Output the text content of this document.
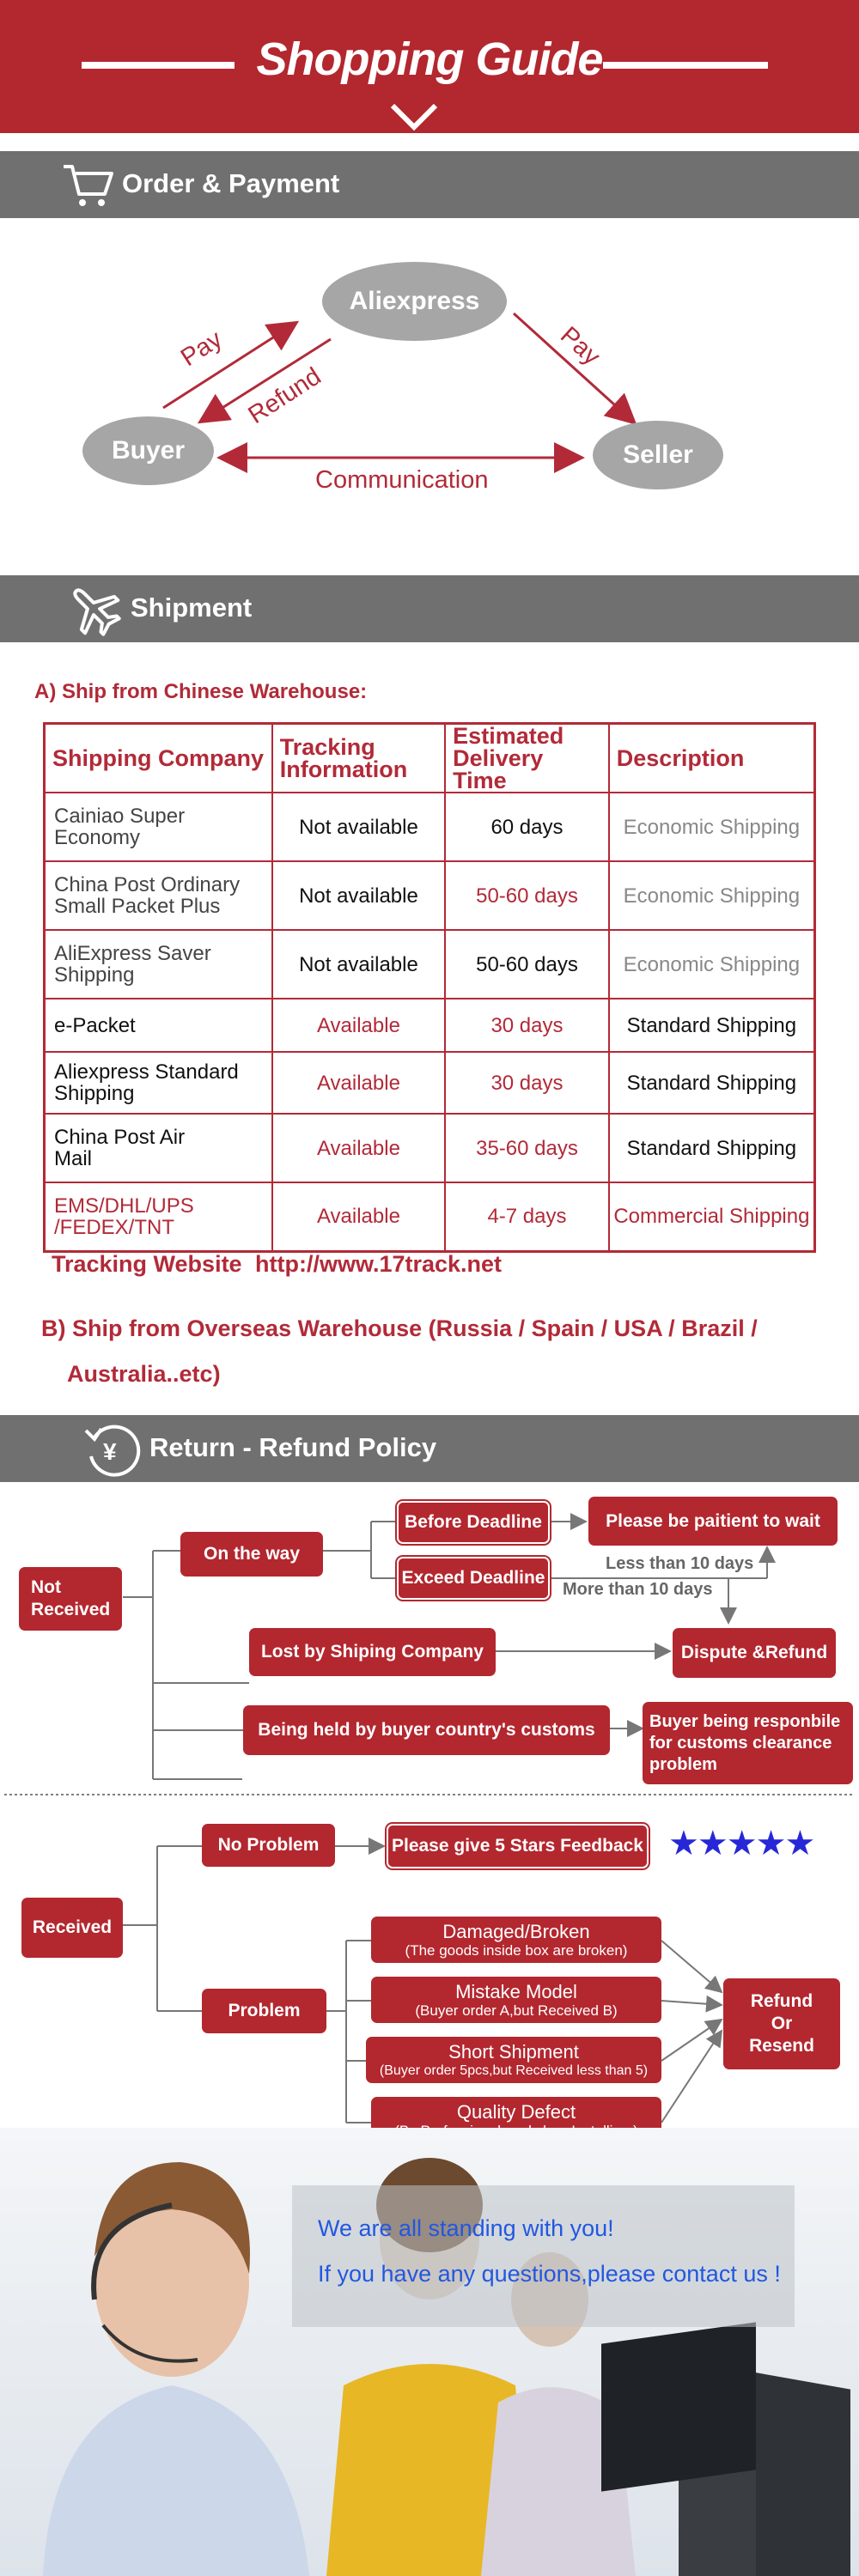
Shopping Guide
Order & Payment
Aliexpress
Buyer	Seller
Pay
Refund
Pay
Communication
Shipment
A) Ship from Chinese Warehouse:
Shipping Company	Tracking Information	Estimated Delivery Time	Description
Cainiao Super Economy	Not available	60 days	Economic Shipping
China Post Ordinary Small Packet Plus	Not available	50-60 days	Economic Shipping
AliExpress Saver Shipping	Not available	50-60 days	Economic Shipping
e-Packet	Available	30 days	Standard Shipping
Aliexpress Standard Shipping	Available	30 days	Standard Shipping
China Post Air Mail	Available	35-60 days	Standard Shipping
EMS/DHL/UPS /FEDEX/TNT	Available	4-7 days	Commercial Shipping
Tracking Website http://www.17track.net
B) Ship from Overseas Warehouse (Russia / Spain / USA / Brazil /
Australia..etc)
¥ Return - Refund Policy
Not Received
On the way
Before Deadline
Exceed Deadline
Please be paitient to wait
Less than 10 days
More than 10 days
Lost by Shiping Company	Dispute &Refund
Being held by buyer country's customs	Buyer being responbile for customs clearance problem
Received
No Problem	Please give 5 Stars Feedback ★★★★★
Problem
Damaged/Broken
(The goods inside box are broken)
Mistake Model
(Buyer order A,but Received B)
Short Shipment
(Buyer order 5pcs,but Received less than 5)
Quality Defect
Refund Or Resend
We are all standing with you!
If you have any questions,please contact us !
